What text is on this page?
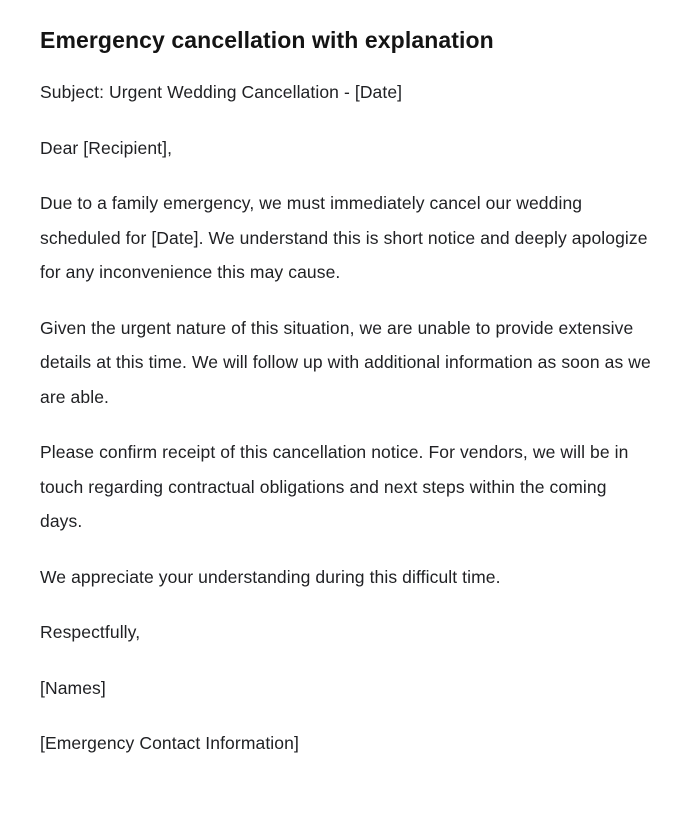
Emergency cancellation with explanation

Subject: Urgent Wedding Cancellation - [Date]

Dear [Recipient],

Due to a family emergency, we must immediately cancel our wedding scheduled for [Date]. We understand this is short notice and deeply apologize for any inconvenience this may cause.

Given the urgent nature of this situation, we are unable to provide extensive details at this time. We will follow up with additional information as soon as we are able.

Please confirm receipt of this cancellation notice. For vendors, we will be in touch regarding contractual obligations and next steps within the coming days.

We appreciate your understanding during this difficult time.

Respectfully,

[Names]

[Emergency Contact Information]
